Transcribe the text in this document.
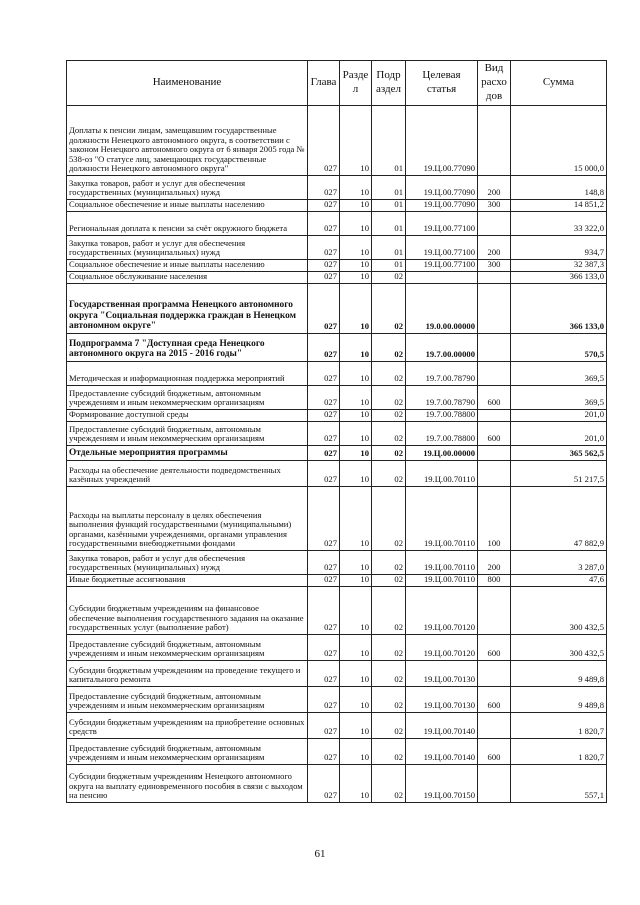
Наименование	Глава	Разде л	Подр аздел	Целевая статья	Вид расхо дов	Сумма
Доплаты к пенсии лицам, замещавшим государственные должности Ненецкого автономного округа, в соответствии с законом Ненецкого автономного округа от 6 января 2005 года № 538-оз "О статусе лиц, замещающих государственные должности Ненецкого автономного округа"	027	10	01	19.Ц.00.77090		15 000,0
Закупка товаров, работ и услуг для обеспечения государственных (муниципальных) нужд	027	10	01	19.Ц.00.77090	200	148,8
Социальное обеспечение и иные выплаты населению	027	10	01	19.Ц.00.77090	300	14 851,2
Региональная доплата к пенсии за счёт окружного бюджета	027	10	01	19.Ц.00.77100		33 322,0
Закупка товаров, работ и услуг для обеспечения государственных (муниципальных) нужд	027	10	01	19.Ц.00.77100	200	934,7
Социальное обеспечение и иные выплаты населению	027	10	01	19.Ц.00.77100	300	32 387,3
Социальное обслуживание населения	027	10	02			366 133,0
Государственная программа Ненецкого автономного округа "Социальная поддержка граждан в Ненецком автономном округе"	027	10	02	19.0.00.00000		366 133,0
Подпрограмма 7 "Доступная среда Ненецкого автономного округа на 2015 - 2016 годы"	027	10	02	19.7.00.00000		570,5
Методическая и информационная поддержка мероприятий	027	10	02	19.7.00.78790		369,5
Предоставление субсидий бюджетным, автономным учреждениям и иным некоммерческим организациям	027	10	02	19.7.00.78790	600	369,5
Формирование доступной среды	027	10	02	19.7.00.78800		201,0
Предоставление субсидий бюджетным, автономным учреждениям и иным некоммерческим организациям	027	10	02	19.7.00.78800	600	201,0
Отдельные мероприятия программы	027	10	02	19.Ц.00.00000		365 562,5
Расходы на обеспечение деятельности подведомственных казённых учреждений	027	10	02	19.Ц.00.70110		51 217,5
Расходы на выплаты персоналу в целях обеспечения выполнения функций государственными (муниципальными) органами, казёнными учреждениями, органами управления государственными внебюджетными фондами	027	10	02	19.Ц.00.70110	100	47 882,9
Закупка товаров, работ и услуг для обеспечения государственных (муниципальных) нужд	027	10	02	19.Ц.00.70110	200	3 287,0
Иные бюджетные ассигнования	027	10	02	19.Ц.00.70110	800	47,6
Субсидии бюджетным учреждениям на финансовое обеспечение выполнения государственного задания на оказание государственных услуг (выполнение работ)	027	10	02	19.Ц.00.70120		300 432,5
Предоставление субсидий бюджетным, автономным учреждениям и иным некоммерческим организациям	027	10	02	19.Ц.00.70120	600	300 432,5
Субсидии бюджетным учреждениям на проведение текущего и капитального ремонта	027	10	02	19.Ц.00.70130		9 489,8
Предоставление субсидий бюджетным, автономным учреждениям и иным некоммерческим организациям	027	10	02	19.Ц.00.70130	600	9 489,8
Субсидии бюджетным учреждениям на приобретение основных средств	027	10	02	19.Ц.00.70140		1 820,7
Предоставление субсидий бюджетным, автономным учреждениям и иным некоммерческим организациям	027	10	02	19.Ц.00.70140	600	1 820,7
Субсидии бюджетным учреждениям Ненецкого автономного округа на выплату единовременного пособия в связи с выходом на пенсию	027	10	02	19.Ц.00.70150		557,1
61
